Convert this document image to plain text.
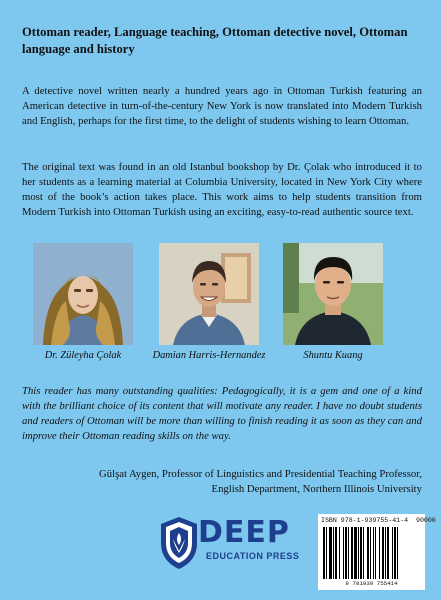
Ottoman reader, Language teaching, Ottoman detective novel, Ottoman language and history
A detective novel written nearly a hundred years ago in Ottoman Turkish featuring an American detective in turn-of-the-century New York is now translated into Modern Turkish and English, perhaps for the first time, to the delight of students wishing to learn Ottoman.
The original text was found in an old Istanbul bookshop by Dr. Çolak who introduced it to her students as a learning material at Columbia University, located in New York City where most of the book’s action takes place. This work aims to help students transition from Modern Turkish into Ottoman Turkish using an exciting, easy-to-read authentic source text.
Dr. Züleyha Çolak	Damian Harris-Hernandez	Shuntu Kuang
This reader has many outstanding qualities: Pedagogically, it is a gem and one of a kind with the brilliant choice of its content that will motivate any reader. I have no doubt students and readers of Ottoman will be more than willing to finish reading it as soon as they can and improve their Ottoman reading skills on the way.
Gülşat Aygen, Professor of Linguistics and Presidential Teaching Professor,
English Department, Northern Illinois University
DEEP
EDUCATION PRESS
ISBN 978-1-939755-41-4 90000
9 781939 755414
